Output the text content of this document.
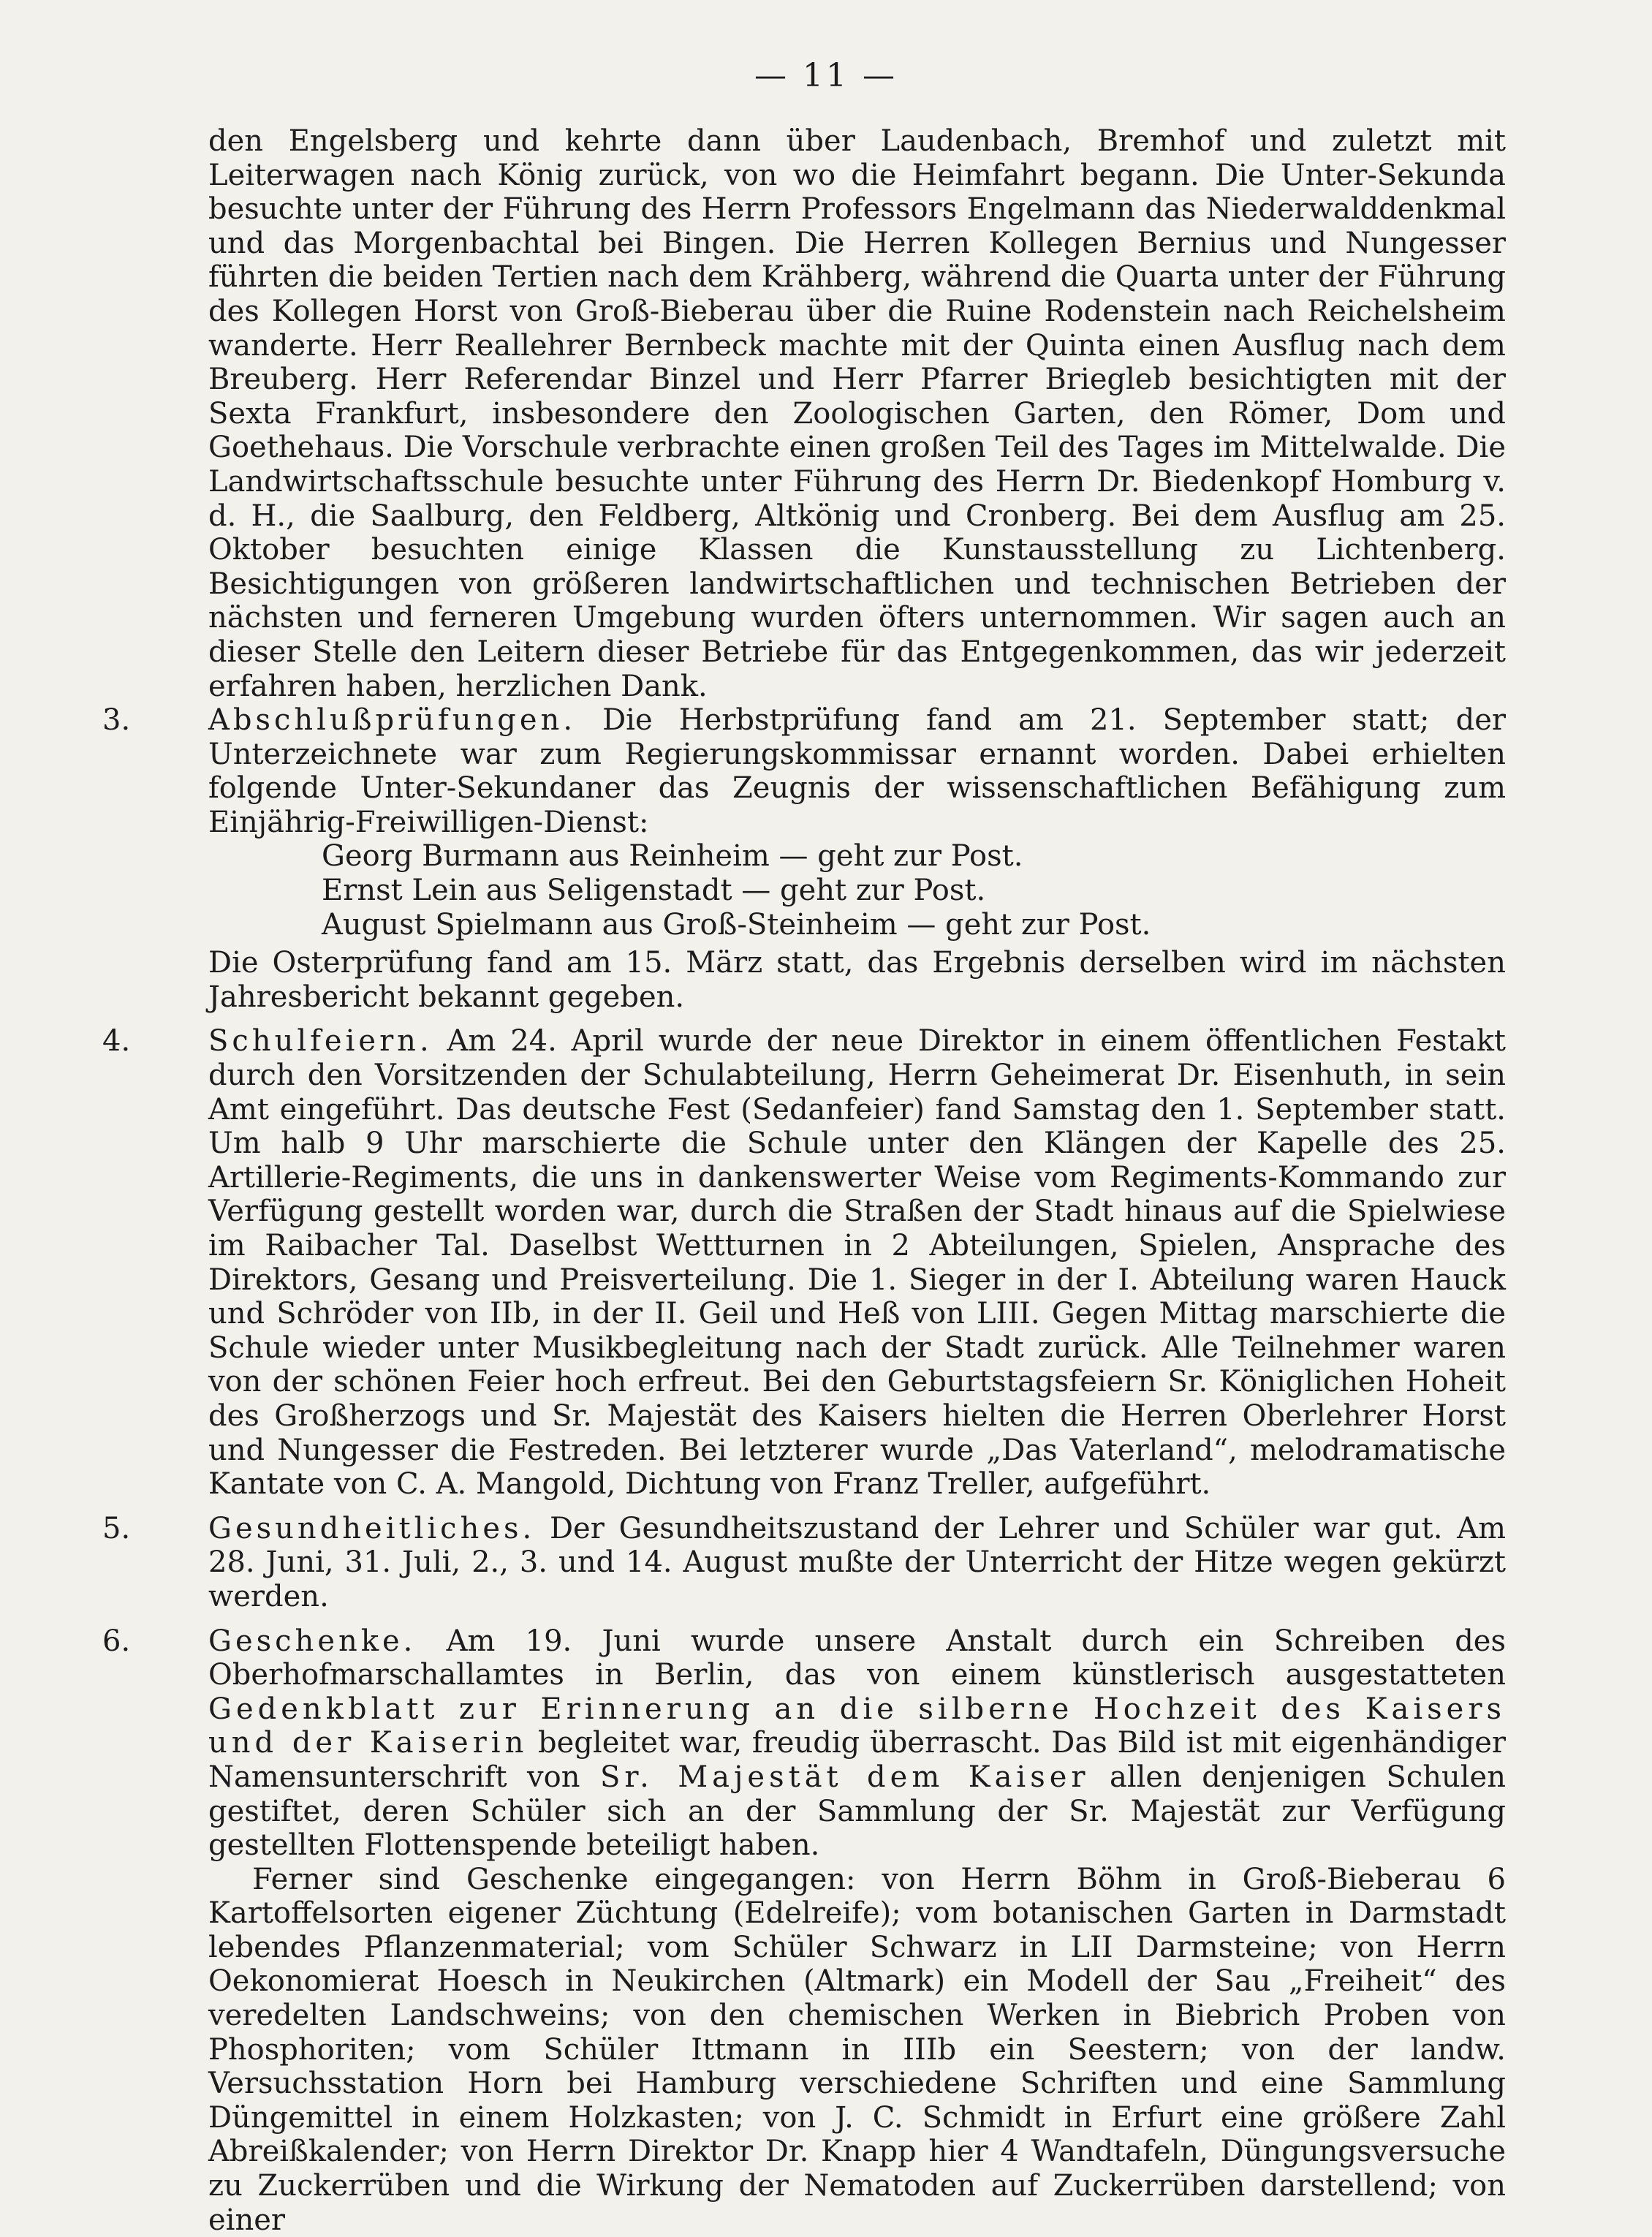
— 11 —

den Engelsberg und kehrte dann über Laudenbach, Bremhof und zuletzt mit Leiterwagen nach König zurück, von wo die Heimfahrt begann. Die Unter-Sekunda besuchte unter der Führung des Herrn Professors Engelmann das Niederwalddenkmal und das Morgenbachtal bei Bingen. Die Herren Kollegen Bernius und Nungesser führten die beiden Tertien nach dem Krähberg, während die Quarta unter der Führung des Kollegen Horst von Groß-Bieberau über die Ruine Rodenstein nach Reichelsheim wanderte. Herr Reallehrer Bernbeck machte mit der Quinta einen Ausflug nach dem Breuberg. Herr Referendar Binzel und Herr Pfarrer Briegleb besichtigten mit der Sexta Frankfurt, insbesondere den Zoologischen Garten, den Römer, Dom und Goethehaus. Die Vorschule verbrachte einen großen Teil des Tages im Mittelwalde. Die Landwirtschaftsschule besuchte unter Führung des Herrn Dr. Biedenkopf Homburg v. d. H., die Saalburg, den Feldberg, Altkönig und Cronberg. Bei dem Ausflug am 25. Oktober besuchten einige Klassen die Kunstausstellung zu Lichtenberg. Besichtigungen von größeren landwirtschaftlichen und technischen Betrieben der nächsten und ferneren Umgebung wurden öfters unternommen. Wir sagen auch an dieser Stelle den Leitern dieser Betriebe für das Entgegenkommen, das wir jederzeit erfahren haben, herzlichen Dank.

3.	Abschlußprüfungen. Die Herbstprüfung fand am 21. September statt; der Unterzeichnete war zum Regierungskommissar ernannt worden. Dabei erhielten folgende Unter-Sekundaner das Zeugnis der wissenschaftlichen Befähigung zum Einjährig-Freiwilligen-Dienst:
Georg Burmann aus Reinheim — geht zur Post.
Ernst Lein aus Seligenstadt — geht zur Post.
August Spielmann aus Groß-Steinheim — geht zur Post.

Die Osterprüfung fand am 15. März statt, das Ergebnis derselben wird im nächsten Jahresbericht bekannt gegeben.

4.	Schulfeiern. Am 24. April wurde der neue Direktor in einem öffentlichen Festakt durch den Vorsitzenden der Schulabteilung, Herrn Geheimerat Dr. Eisenhuth, in sein Amt eingeführt. Das deutsche Fest (Sedanfeier) fand Samstag den 1. September statt. Um halb 9 Uhr marschierte die Schule unter den Klängen der Kapelle des 25. Artillerie-Regiments, die uns in dankenswerter Weise vom Regiments-Kommando zur Verfügung gestellt worden war, durch die Straßen der Stadt hinaus auf die Spielwiese im Raibacher Tal. Daselbst Wettturnen in 2 Abteilungen, Spielen, Ansprache des Direktors, Gesang und Preisverteilung. Die 1. Sieger in der I. Abteilung waren Hauck und Schröder von IIb, in der II. Geil und Heß von LIII. Gegen Mittag marschierte die Schule wieder unter Musikbegleitung nach der Stadt zurück. Alle Teilnehmer waren von der schönen Feier hoch erfreut. Bei den Geburtstagsfeiern Sr. Königlichen Hoheit des Großherzogs und Sr. Majestät des Kaisers hielten die Herren Oberlehrer Horst und Nungesser die Festreden. Bei letzterer wurde „Das Vaterland“, melodramatische Kantate von C. A. Mangold, Dichtung von Franz Treller, aufgeführt.
5.	Gesundheitliches. Der Gesundheitszustand der Lehrer und Schüler war gut. Am 28. Juni, 31. Juli, 2., 3. und 14. August mußte der Unterricht der Hitze wegen gekürzt werden.
6.	Geschenke. Am 19. Juni wurde unsere Anstalt durch ein Schreiben des Oberhofmarschallamtes in Berlin, das von einem künstlerisch ausgestatteten Gedenkblatt zur Erinnerung an die silberne Hochzeit des Kaisers und der Kaiserin begleitet war, freudig überrascht. Das Bild ist mit eigenhändiger Namensunterschrift von Sr. Majestät dem Kaiser allen denjenigen Schulen gestiftet, deren Schüler sich an der Sammlung der Sr. Majestät zur Verfügung gestellten Flottenspende beteiligt haben.

Ferner sind Geschenke eingegangen: von Herrn Böhm in Groß-Bieberau 6 Kartoffelsorten eigener Züchtung (Edelreife); vom botanischen Garten in Darmstadt lebendes Pflanzenmaterial; vom Schüler Schwarz in LII Darmsteine; von Herrn Oekonomierat Hoesch in Neukirchen (Altmark) ein Modell der Sau „Freiheit“ des veredelten Landschweins; von den chemischen Werken in Biebrich Proben von Phosphoriten; vom Schüler Ittmann in IIIb ein Seestern; von der landw. Versuchsstation Horn bei Hamburg verschiedene Schriften und eine Sammlung Düngemittel in einem Holzkasten; von J. C. Schmidt in Erfurt eine größere Zahl Abreißkalender; von Herrn Direktor Dr. Knapp hier 4 Wandtafeln, Düngungsversuche zu Zuckerrüben und die Wirkung der Nematoden auf Zuckerrüben darstellend; von einer
